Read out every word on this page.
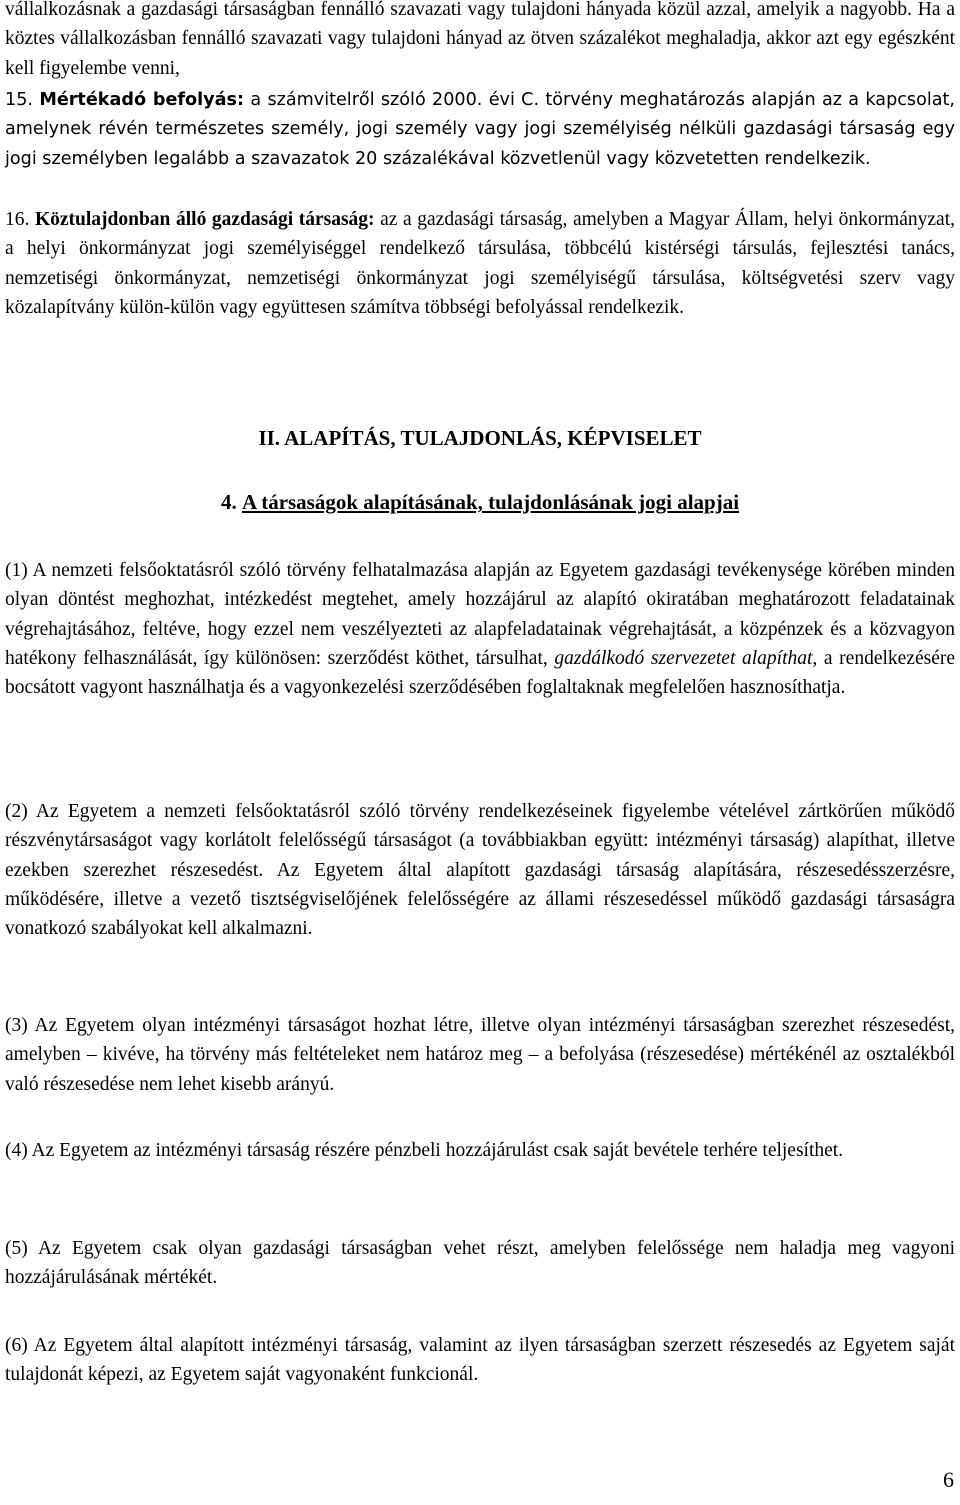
vállalkozásnak a gazdasági társaságban fennálló szavazati vagy tulajdoni hányada közül azzal, amelyik a nagyobb. Ha a köztes vállalkozásban fennálló szavazati vagy tulajdoni hányad az ötven százalékot meghaladja, akkor azt egy egészként kell figyelembe venni,

15. Mértékadó befolyás: a számvitelről szóló 2000. évi C. törvény meghatározás alapján az a kapcsolat, amelynek révén természetes személy, jogi személy vagy jogi személyiség nélküli gazdasági társaság egy jogi személyben legalább a szavazatok 20 százalékával közvetlenül vagy közvetetten rendelkezik.

16. Köztulajdonban álló gazdasági társaság: az a gazdasági társaság, amelyben a Magyar Állam, helyi önkormányzat, a helyi önkormányzat jogi személyiséggel rendelkező társulása, többcélú kistérségi társulás, fejlesztési tanács, nemzetiségi önkormányzat, nemzetiségi önkormányzat jogi személyiségű társulása, költségvetési szerv vagy közalapítvány külön-külön vagy együttesen számítva többségi befolyással rendelkezik.

II. ALAPÍTÁS, TULAJDONLÁS, KÉPVISELET
4. A társaságok alapításának, tulajdonlásának jogi alapjai

(1) A nemzeti felsőoktatásról szóló törvény felhatalmazása alapján az Egyetem gazdasági tevékenysége körében minden olyan döntést meghozhat, intézkedést megtehet, amely hozzájárul az alapító okiratában meghatározott feladatainak végrehajtásához, feltéve, hogy ezzel nem veszélyezteti az alapfeladatainak végrehajtását, a közpénzek és a közvagyon hatékony felhasználását, így különösen: szerződést köthet, társulhat, gazdálkodó szervezetet alapíthat, a rendelkezésére bocsátott vagyont használhatja és a vagyonkezelési szerződésében foglaltaknak megfelelően hasznosíthatja.

(2) Az Egyetem a nemzeti felsőoktatásról szóló törvény rendelkezéseinek figyelembe vételével zártkörűen működő részvénytársaságot vagy korlátolt felelősségű társaságot (a továbbiakban együtt: intézményi társaság) alapíthat, illetve ezekben szerezhet részesedést. Az Egyetem által alapított gazdasági társaság alapítására, részesedésszerzésre, működésére, illetve a vezető tisztségviselőjének felelősségére az állami részesedéssel működő gazdasági társaságra vonatkozó szabályokat kell alkalmazni.

(3) Az Egyetem olyan intézményi társaságot hozhat létre, illetve olyan intézményi társaságban szerezhet részesedést, amelyben – kivéve, ha törvény más feltételeket nem határoz meg – a befolyása (részesedése) mértékénél az osztalékból való részesedése nem lehet kisebb arányú.

(4) Az Egyetem az intézményi társaság részére pénzbeli hozzájárulást csak saját bevétele terhére teljesíthet.

(5) Az Egyetem csak olyan gazdasági társaságban vehet részt, amelyben felelőssége nem haladja meg vagyoni hozzájárulásának mértékét.

(6) Az Egyetem által alapított intézményi társaság, valamint az ilyen társaságban szerzett részesedés az Egyetem saját tulajdonát képezi, az Egyetem saját vagyonaként funkcionál.

6
